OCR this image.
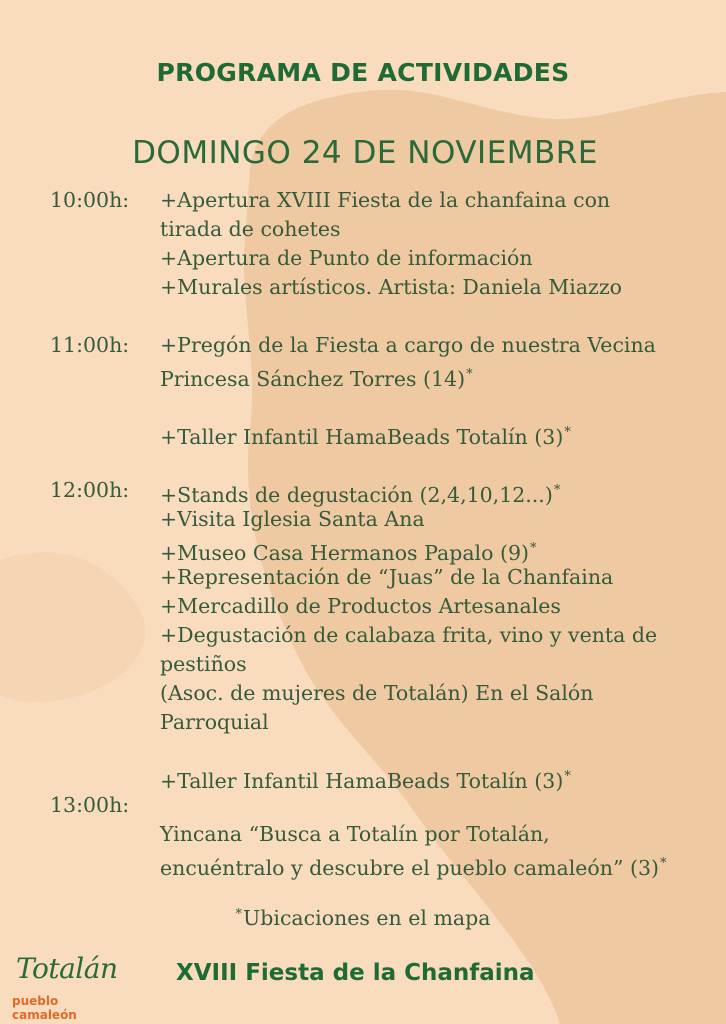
PROGRAMA DE ACTIVIDADES
DOMINGO 24 DE NOVIEMBRE
10:00h: +Apertura XVIII Fiesta de la chanfaina con
tirada de cohetes
+Apertura de Punto de información
+Murales artísticos. Artista: Daniela Miazzo
11:00h: +Pregón de la Fiesta a cargo de nuestra Vecina
Princesa Sánchez Torres (14)*
+Taller Infantil HamaBeads Totalín (3)*
12:00h: +Stands de degustación (2,4,10,12...)*
+Visita Iglesia Santa Ana
+Museo Casa Hermanos Papalo (9)*
+Representación de “Juas” de la Chanfaina
+Mercadillo de Productos Artesanales
+Degustación de calabaza frita, vino y venta de
pestiños
(Asoc. de mujeres de Totalán) En el Salón
Parroquial
+Taller Infantil HamaBeads Totalín (3)*
13:00h:
Yincana “Busca a Totalín por Totalán,
encuéntralo y descubre el pueblo camaleón” (3)*
*Ubicaciones en el mapa
Totalán
pueblo camaleón
XVIII Fiesta de la Chanfaina
